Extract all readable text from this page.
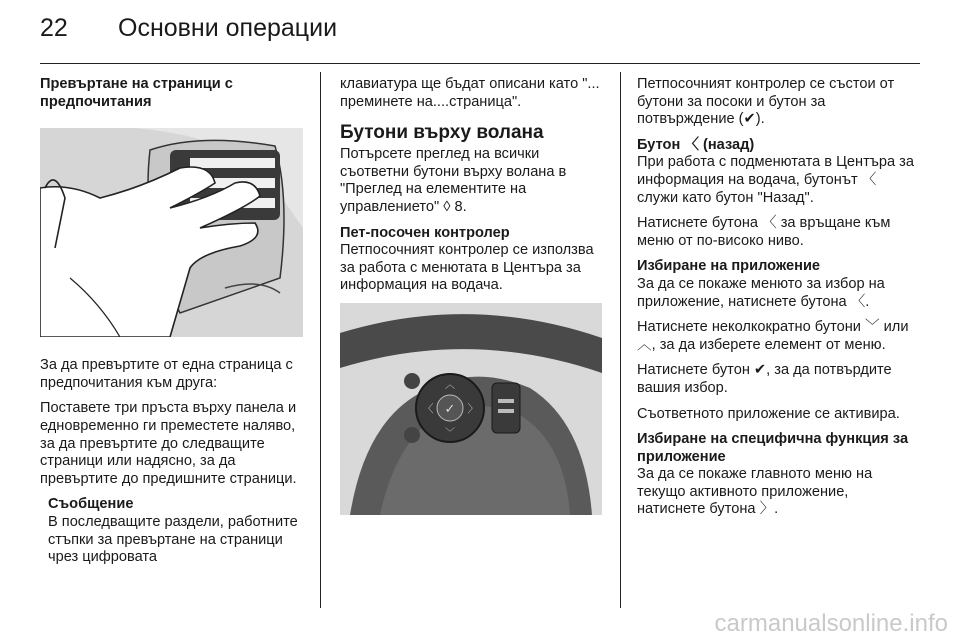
22 Основни операции
Превъртане на страници с предпочитания

За да превъртите от една страница с предпочитания към друга:

Поставете три пръста върху панела и едновременно ги преместете наляво, за да превъртите до следващите страници или надясно, за да превъртите до предишните страници.

Съобщение
В последващите раздели, работните стъпки за превъртане на страници чрез цифровата

клавиатура ще бъдат описани като "... преминете на....страница".

Бутони върху волана

Потърсете преглед на всички съответни бутони върху волана в "Преглед на елементите на управлението" ◊ 8.

Пет-посочен контролер

Петпосочният контролер се използва за работа с менютата в Центъра за информация на водача.

✓
︿
﹀
〈	〉

Петпосочният контролер се състои от бутони за посоки и бутон за потвърждение (✔).

Бутон 〈 (назад)

При работа с подменютата в Центъра за информация на водача, бутонът 〈 служи като бутон "Назад".

Натиснете бутона 〈 за връщане към меню от по-високо ниво.

Избиране на приложение

За да се покаже менюто за избор на приложение, натиснете бутона 〈.

Натиснете неколкократно бутони ﹀ или ︿, за да изберете елемент от меню.

Натиснете бутон ✔, за да потвърдите вашия избор.

Съответното приложение се активира.

Избиране на специфична функция за приложение

За да се покаже главното меню на текущо активното приложение, натиснете бутона 〉.

carmanualsonline.info
